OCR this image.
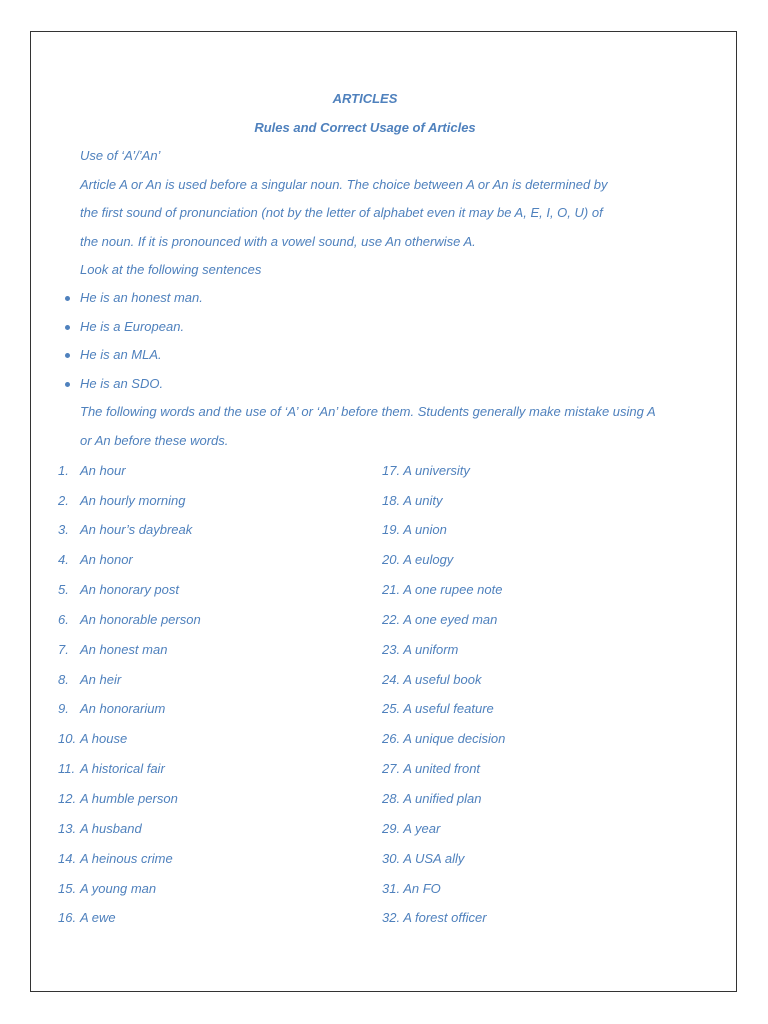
ARTICLES
Rules and Correct Usage of Articles
Use of ‘A’/’An’
Article A or An is used before a singular noun. The choice between A or An is determined by
the first sound of pronunciation (not by the letter of alphabet even it may be A, E, I, O, U) of
the noun. If it is pronounced with a vowel sound, use An otherwise A.
Look at the following sentences
He is an honest man.
He is a European.
He is an MLA.
He is an SDO.
The following words and the use of ‘A’ or ‘An’ before them. Students generally make mistake using A
or An before these words.
1. An hour
2. An hourly morning
3. An hour’s daybreak
4. An honor
5. An honorary post
6. An honorable person
7. An honest man
8. An heir
9. An honorarium
10. A house
11. A historical fair
12. A humble person
13. A husband
14. A heinous crime
15. A young man
16. A ewe
17. A university
18. A unity
19. A union
20. A eulogy
21. A one rupee note
22. A one eyed man
23. A uniform
24. A useful book
25. A useful feature
26. A unique decision
27. A united front
28. A unified plan
29. A year
30. A USA ally
31. An FO
32. A forest officer
